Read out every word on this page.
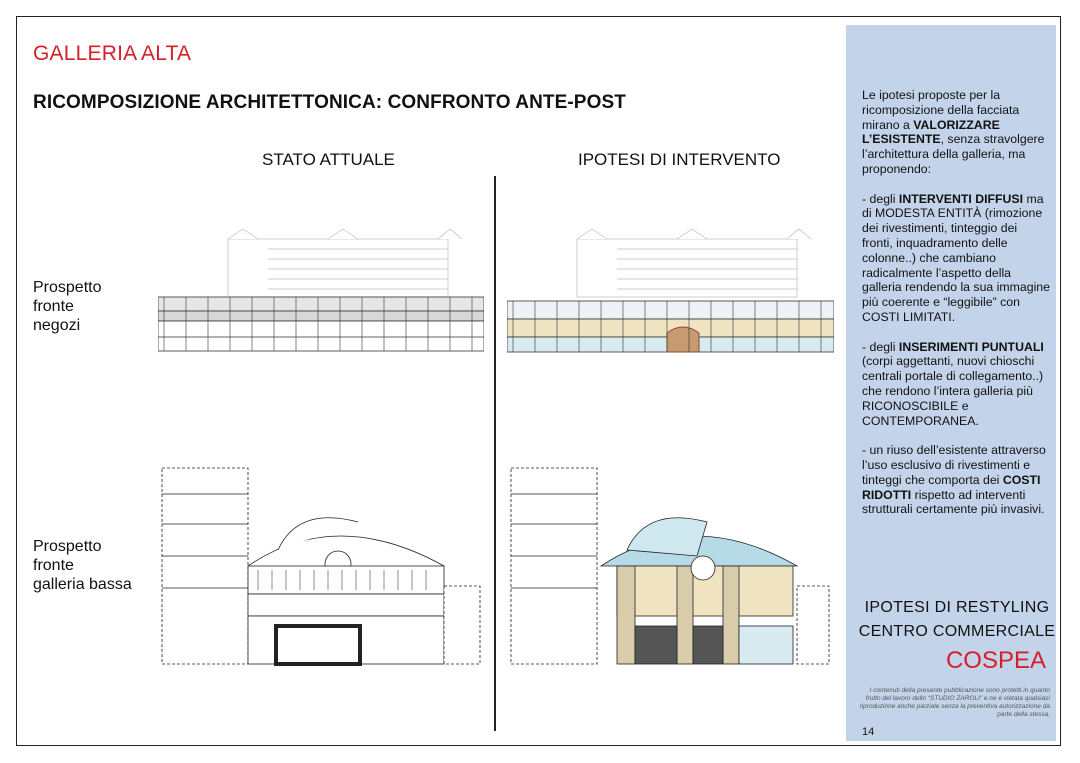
GALLERIA ALTA
RICOMPOSIZIONE ARCHITETTONICA: CONFRONTO ANTE-POST
STATO ATTUALE	IPOTESI DI INTERVENTO
Prospetto
fronte
negozi
Prospetto
fronte
galleria bassa

Le ipotesi proposte per la ricomposizione della facciata mirano a VALORIZZARE L’ESISTENTE, senza stravolgere l’architettura della galleria, ma proponendo:

- degli INTERVENTI DIFFUSI ma di MODESTA ENTITÀ (rimozione dei rivestimenti, tinteggio dei fronti, inquadramento delle colonne..) che cambiano radicalmente l’aspetto della galleria rendendo la sua immagine più coerente e “leggibile” con COSTI LIMITATI.

- degli INSERIMENTI PUNTUALI (corpi aggettanti, nuovi chioschi centrali portale di collegamento..) che rendono l’intera galleria più RICONOSCIBILE e CONTEMPORANEA.

- un riuso dell’esistente attraverso l’uso esclusivo di rivestimenti e tinteggi che comporta dei COSTI RIDOTTI rispetto ad interventi strutturali certamente più invasivi.

IPOTESI DI RESTYLING
CENTRO COMMERCIALE
COSPEA
I contenuti della presente pubblicazione sono protetti in quanto frutto del lavoro dello “STUDIO ZAROLI” e ne è vietata qualsiasi riproduzione anche parziale senza la preventiva autorizzazione da parte della stessa.
14
